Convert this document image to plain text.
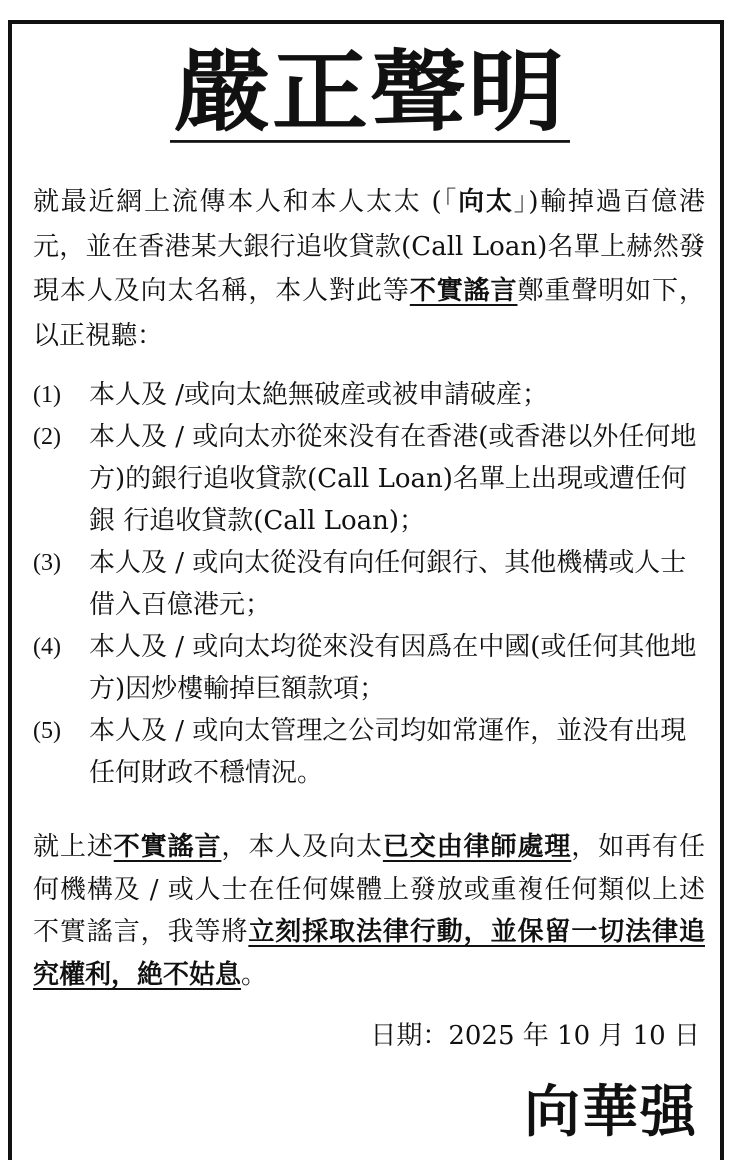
嚴正聲明

就最近網上流傳本人和本人太太 (「向太」)輸掉過百億港元，並在香港某大銀行追收貸款(Call Loan)名單上赫然發現本人及向太名稱，本人對此等不實謠言鄭重聲明如下，以正視聽：

(1)	本人及 /或向太絶無破産或被申請破産；
(2)	本人及 / 或向太亦從來没有在香港(或香港以外任何地方)的銀行追收貸款(Call Loan)名單上出現或遭任何銀 行追收貸款(Call Loan)；
(3)	本人及 / 或向太從没有向任何銀行、其他機構或人士借入百億港元；
(4)	本人及 / 或向太均從來没有因爲在中國(或任何其他地方)因炒樓輸掉巨額款項；
(5)	本人及 / 或向太管理之公司均如常運作，並没有出現任何財政不穩情況。

就上述不實謠言，本人及向太已交由律師處理，如再有任何機構及 / 或人士在任何媒體上發放或重複任何類似上述不實謠言，我等將立刻採取法律行動，並保留一切法律追究權利，絶不姑息。

日期：2025 年 10 月 10 日
向華强
